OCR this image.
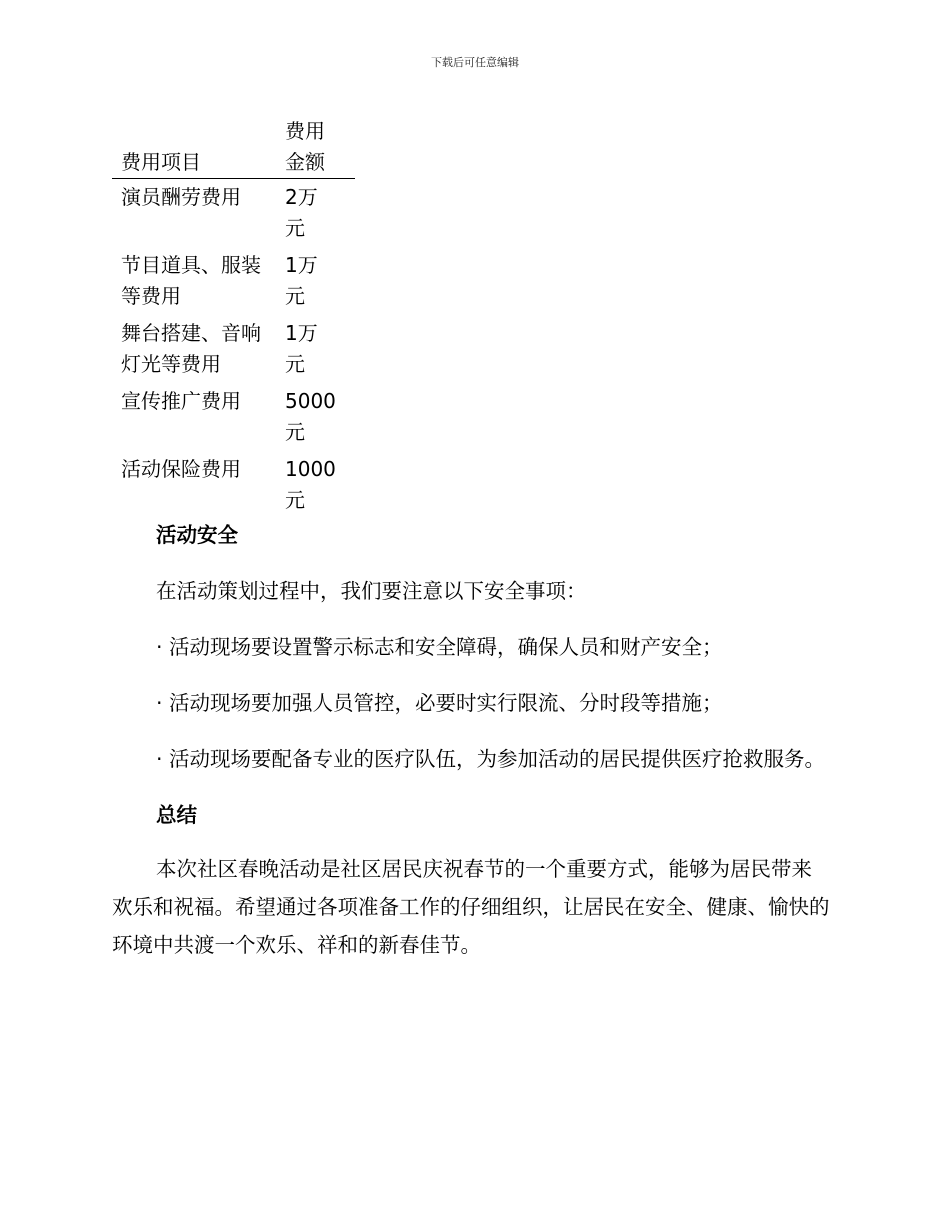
下载后可任意编辑
费用项目	费用金额

演员酬劳费用	2万元

节目道具、服装等费用	1万元

舞台搭建、音响灯光等费用	1万元

宣传推广费用	5000元

活动保险费用	1000元

活动安全

在活动策划过程中，我们要注意以下安全事项：

· 活动现场要设置警示标志和安全障碍，确保人员和财产安全；

· 活动现场要加强人员管控，必要时实行限流、分时段等措施；

· 活动现场要配备专业的医疗队伍，为参加活动的居民提供医疗抢救服务。

总结

本次社区春晚活动是社区居民庆祝春节的一个重要方式，能够为居民带来欢乐和祝福。希望通过各项准备工作的仔细组织，让居民在安全、健康、愉快的环境中共渡一个欢乐、祥和的新春佳节。
